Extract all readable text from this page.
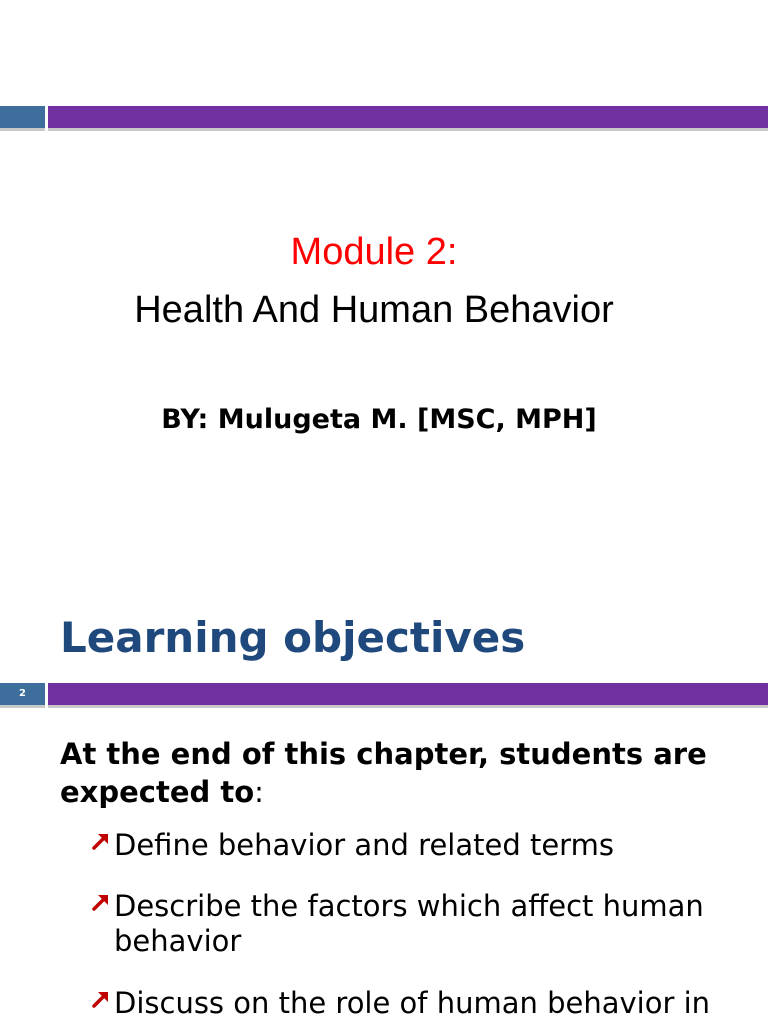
Module 2:
Health And Human Behavior
BY: Mulugeta M. [MSC, MPH]
Learning objectives
2
At the end of this chapter, students are expected to:
Define behavior and related terms
Describe the factors which affect human behavior
Discuss on the role of human behavior in
